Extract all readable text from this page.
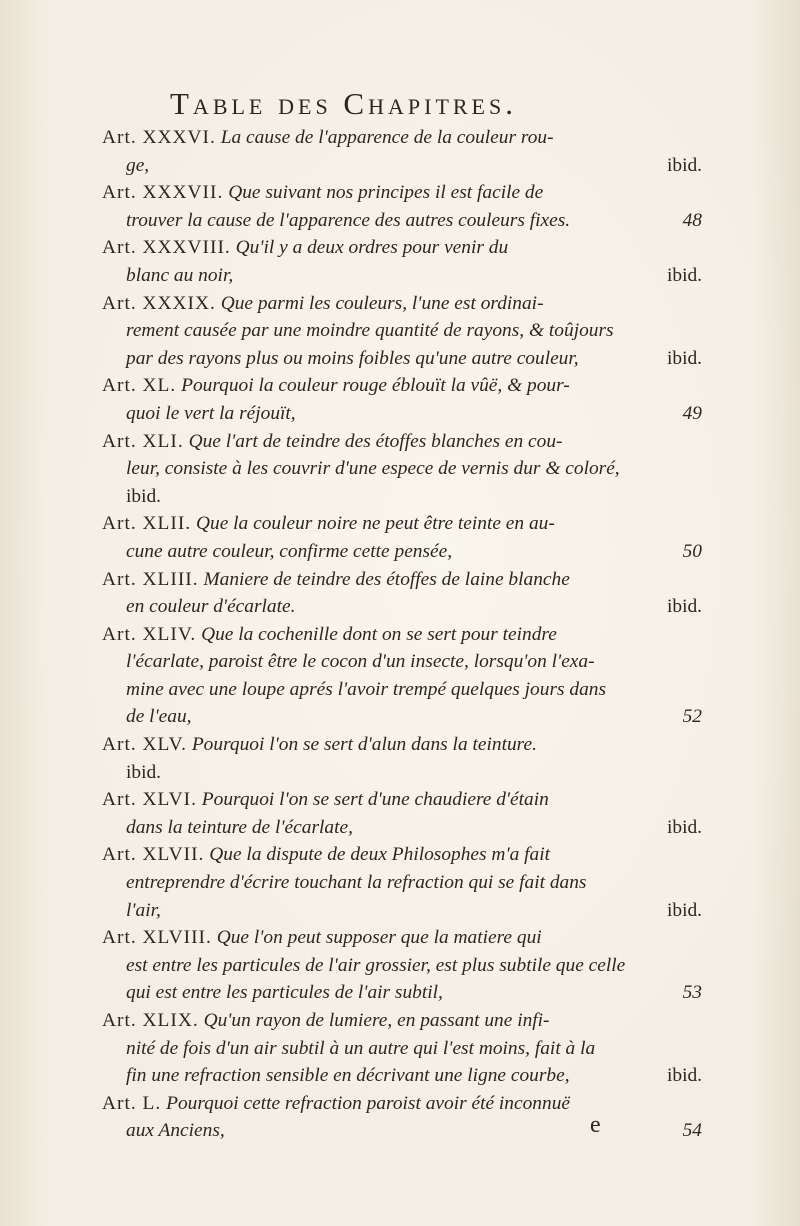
Table des Chapitres.
Art. XXXVI. La cause de l'apparence de la couleur rou-
ge,	ibid.
Art. XXXVII. Que suivant nos principes il est facile de
trouver la cause de l'apparence des autres couleurs fixes.	48
Art. XXXVIII. Qu'il y a deux ordres pour venir du
blanc au noir,	ibid.
Art. XXXIX. Que parmi les couleurs, l'une est ordinai-
rement causée par une moindre quantité de rayons, & toûjours
par des rayons plus ou moins foibles qu'une autre couleur,	ibid.
Art. XL. Pourquoi la couleur rouge éblouït la vûë, & pour-
quoi le vert la réjouït,	49
Art. XLI. Que l'art de teindre des étoffes blanches en cou-
leur, consiste à les couvrir d'une espece de vernis dur & coloré,
ibid.
Art. XLII. Que la couleur noire ne peut être teinte en au-
cune autre couleur, confirme cette pensée,	50
Art. XLIII. Maniere de teindre des étoffes de laine blanche
en couleur d'écarlate.	ibid.
Art. XLIV. Que la cochenille dont on se sert pour teindre
l'écarlate, paroist être le cocon d'un insecte, lorsqu'on l'exa-
mine avec une loupe aprés l'avoir trempé quelques jours dans
de l'eau,	52
Art. XLV. Pourquoi l'on se sert d'alun dans la teinture.
ibid.
Art. XLVI. Pourquoi l'on se sert d'une chaudiere d'étain
dans la teinture de l'écarlate,	ibid.
Art. XLVII. Que la dispute de deux Philosophes m'a fait
entreprendre d'écrire touchant la refraction qui se fait dans
l'air,	ibid.
Art. XLVIII. Que l'on peut supposer que la matiere qui
est entre les particules de l'air grossier, est plus subtile que celle
qui est entre les particules de l'air subtil,	53
Art. XLIX. Qu'un rayon de lumiere, en passant une infi-
nité de fois d'un air subtil à un autre qui l'est moins, fait à la
fin une refraction sensible en décrivant une ligne courbe,	ibid.
Art. L. Pourquoi cette refraction paroist avoir été inconnuë
aux Anciens,	54
e
